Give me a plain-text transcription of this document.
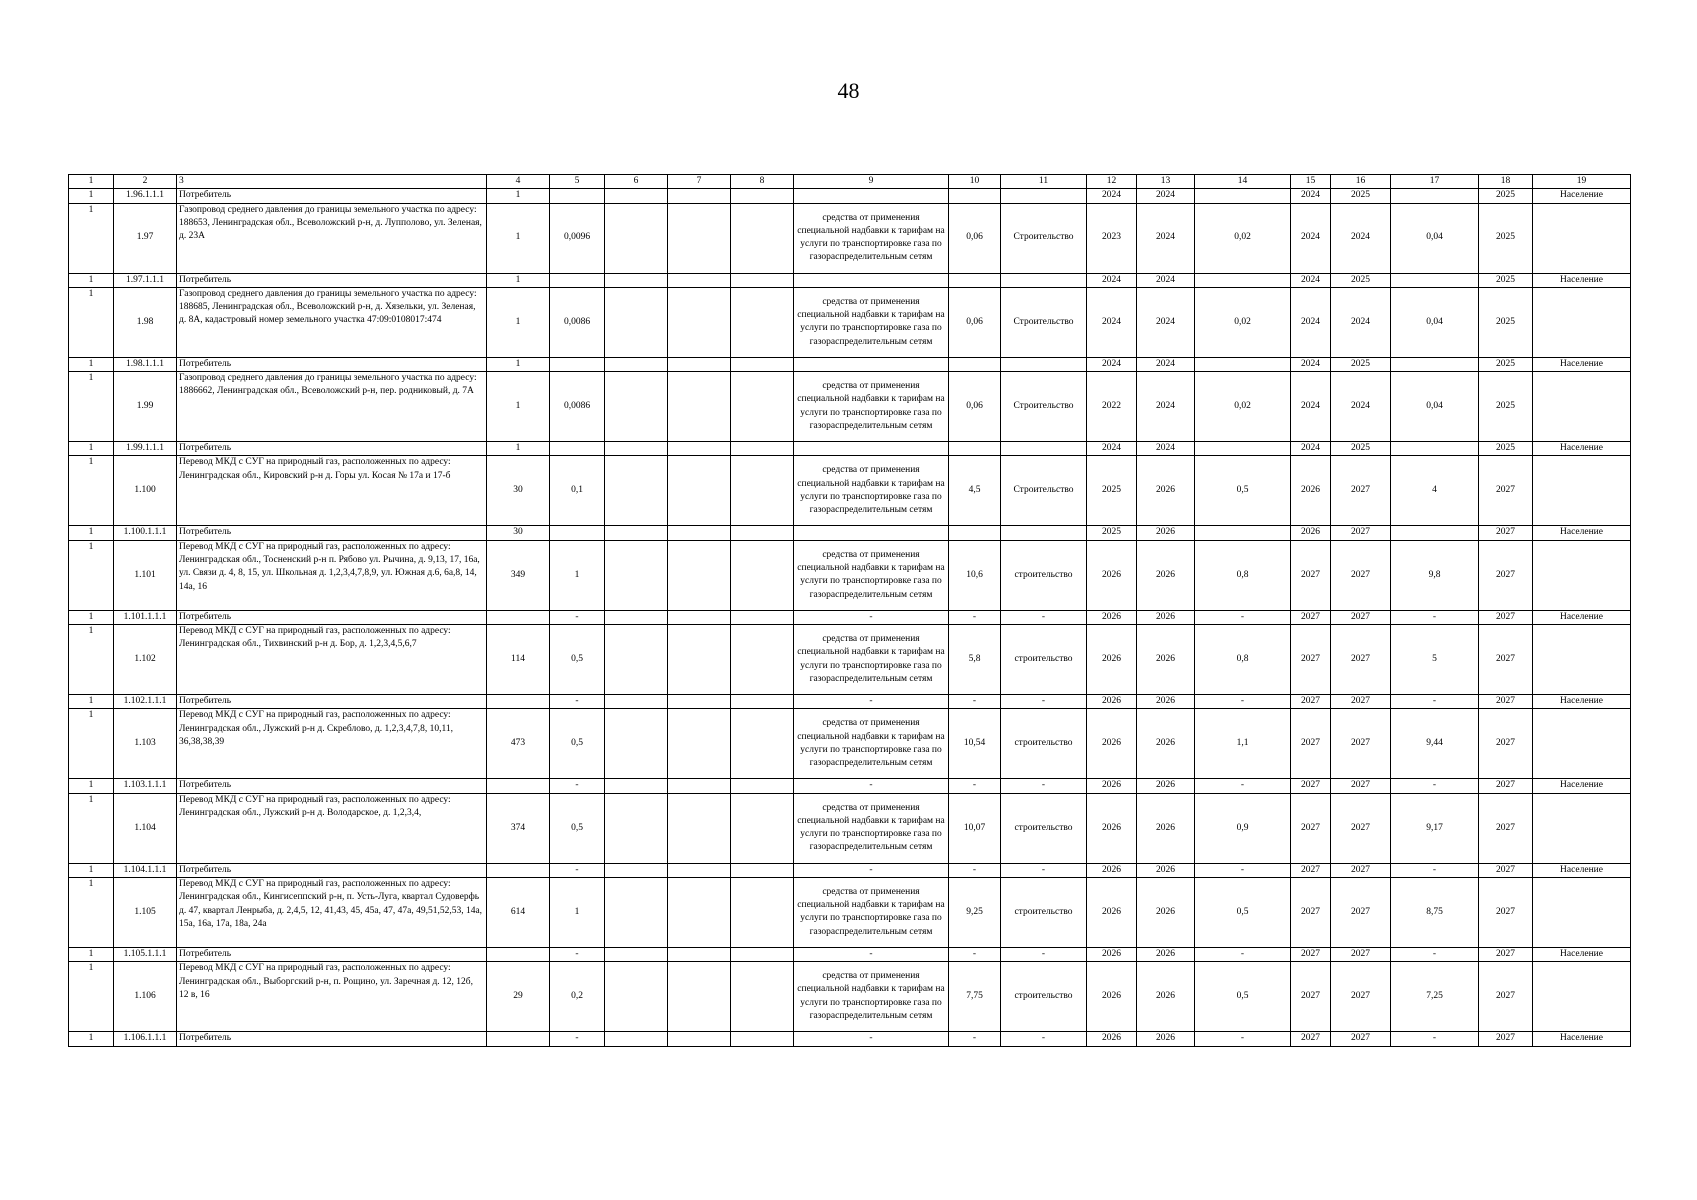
48
1	2	3	4	5	6	7	8	9	10	11	12	13	14	15	16	17	18	19
1	1.96.1.1.1	Потребитель	1								2024	2024		2024	2025		2025	Население
1	1.97	Газопровод среднего давления до границы земельного участка по адресу: 188653, Ленинградская обл., Всеволожский р-н, д. Лупполово, ул. Зеленая, д. 23А	1	0,0096				средства от применения специальной надбавки к тарифам на услуги по транспортировке газа по газораспределительным сетям	0,06	Строительство	2023	2024	0,02	2024	2024	0,04	2025	
1	1.97.1.1.1	Потребитель	1								2024	2024		2024	2025		2025	Население
1	1.98	Газопровод среднего давления до границы земельного участка по адресу: 188685, Ленинградская обл., Всеволожский р-н, д. Хязельки, ул. Зеленая, д. 8А, кадастровый номер земельного участка 47:09:0108017:474	1	0,0086				средства от применения специальной надбавки к тарифам на услуги по транспортировке газа по газораспределительным сетям	0,06	Строительство	2024	2024	0,02	2024	2024	0,04	2025	
1	1.98.1.1.1	Потребитель	1								2024	2024		2024	2025		2025	Население
1	1.99	Газопровод среднего давления до границы земельного участка по адресу: 1886662, Ленинградская обл., Всеволожский р-н, пер. родниковый, д. 7А	1	0,0086				средства от применения специальной надбавки к тарифам на услуги по транспортировке газа по газораспределительным сетям	0,06	Строительство	2022	2024	0,02	2024	2024	0,04	2025	
1	1.99.1.1.1	Потребитель	1								2024	2024		2024	2025		2025	Население
1	1.100	Перевод МКД с СУГ на природный газ, расположенных по адресу: Ленинградская обл., Кировский р-н д. Горы ул. Косая № 17а и 17-б	30	0,1				средства от применения специальной надбавки к тарифам на услуги по транспортировке газа по газораспределительным сетям	4,5	Строительство	2025	2026	0,5	2026	2027	4	2027	
1	1.100.1.1.1	Потребитель	30								2025	2026		2026	2027		2027	Население
1	1.101	Перевод МКД с СУГ на природный газ, расположенных по адресу: Ленинградская обл., Тосненский р-н п. Рябово ул. Рычина, д. 9,13, 17, 16а, ул. Связи д. 4, 8, 15, ул. Школьная д. 1,2,3,4,7,8,9, ул. Южная д.6, 6а,8, 14, 14а, 16	349	1				средства от применения специальной надбавки к тарифам на услуги по транспортировке газа по газораспределительным сетям	10,6	строительство	2026	2026	0,8	2027	2027	9,8	2027	
1	1.101.1.1.1	Потребитель		-				-	-	-	2026	2026	-	2027	2027	-	2027	Население
1	1.102	Перевод МКД с СУГ на природный газ, расположенных по адресу: Ленинградская обл., Тихвинский р-н д. Бор, д. 1,2,3,4,5,6,7	114	0,5				средства от применения специальной надбавки к тарифам на услуги по транспортировке газа по газораспределительным сетям	5,8	строительство	2026	2026	0,8	2027	2027	5	2027	
1	1.102.1.1.1	Потребитель		-				-	-	-	2026	2026	-	2027	2027	-	2027	Население
1	1.103	Перевод МКД с СУГ на природный газ, расположенных по адресу: Ленинградская обл., Лужский р-н д. Скреблово, д. 1,2,3,4,7,8, 10,11, 36,38,38,39	473	0,5				средства от применения специальной надбавки к тарифам на услуги по транспортировке газа по газораспределительным сетям	10,54	строительство	2026	2026	1,1	2027	2027	9,44	2027	
1	1.103.1.1.1	Потребитель		-				-	-	-	2026	2026	-	2027	2027	-	2027	Население
1	1.104	Перевод МКД с СУГ на природный газ, расположенных по адресу: Ленинградская обл., Лужский р-н д. Володарское, д. 1,2,3,4,	374	0,5				средства от применения специальной надбавки к тарифам на услуги по транспортировке газа по газораспределительным сетям	10,07	строительство	2026	2026	0,9	2027	2027	9,17	2027	
1	1.104.1.1.1	Потребитель		-				-	-	-	2026	2026	-	2027	2027	-	2027	Население
1	1.105	Перевод МКД с СУГ на природный газ, расположенных по адресу: Ленинградская обл., Кингисеппский р-н, п. Усть-Луга, квартал Судоверфь д. 47, квартал Ленрыба, д. 2,4,5, 12, 41,43, 45, 45а, 47, 47а, 49,51,52,53, 14а, 15а, 16а, 17а, 18а, 24а	614	1				средства от применения специальной надбавки к тарифам на услуги по транспортировке газа по газораспределительным сетям	9,25	строительство	2026	2026	0,5	2027	2027	8,75	2027	
1	1.105.1.1.1	Потребитель		-				-	-	-	2026	2026	-	2027	2027	-	2027	Население
1	1.106	Перевод МКД с СУГ на природный газ, расположенных по адресу: Ленинградская обл., Выборгский р-н, п. Рощино, ул. Заречная д. 12, 12б, 12 в, 16	29	0,2				средства от применения специальной надбавки к тарифам на услуги по транспортировке газа по газораспределительным сетям	7,75	строительство	2026	2026	0,5	2027	2027	7,25	2027	
1	1.106.1.1.1	Потребитель		-				-	-	-	2026	2026	-	2027	2027	-	2027	Население
